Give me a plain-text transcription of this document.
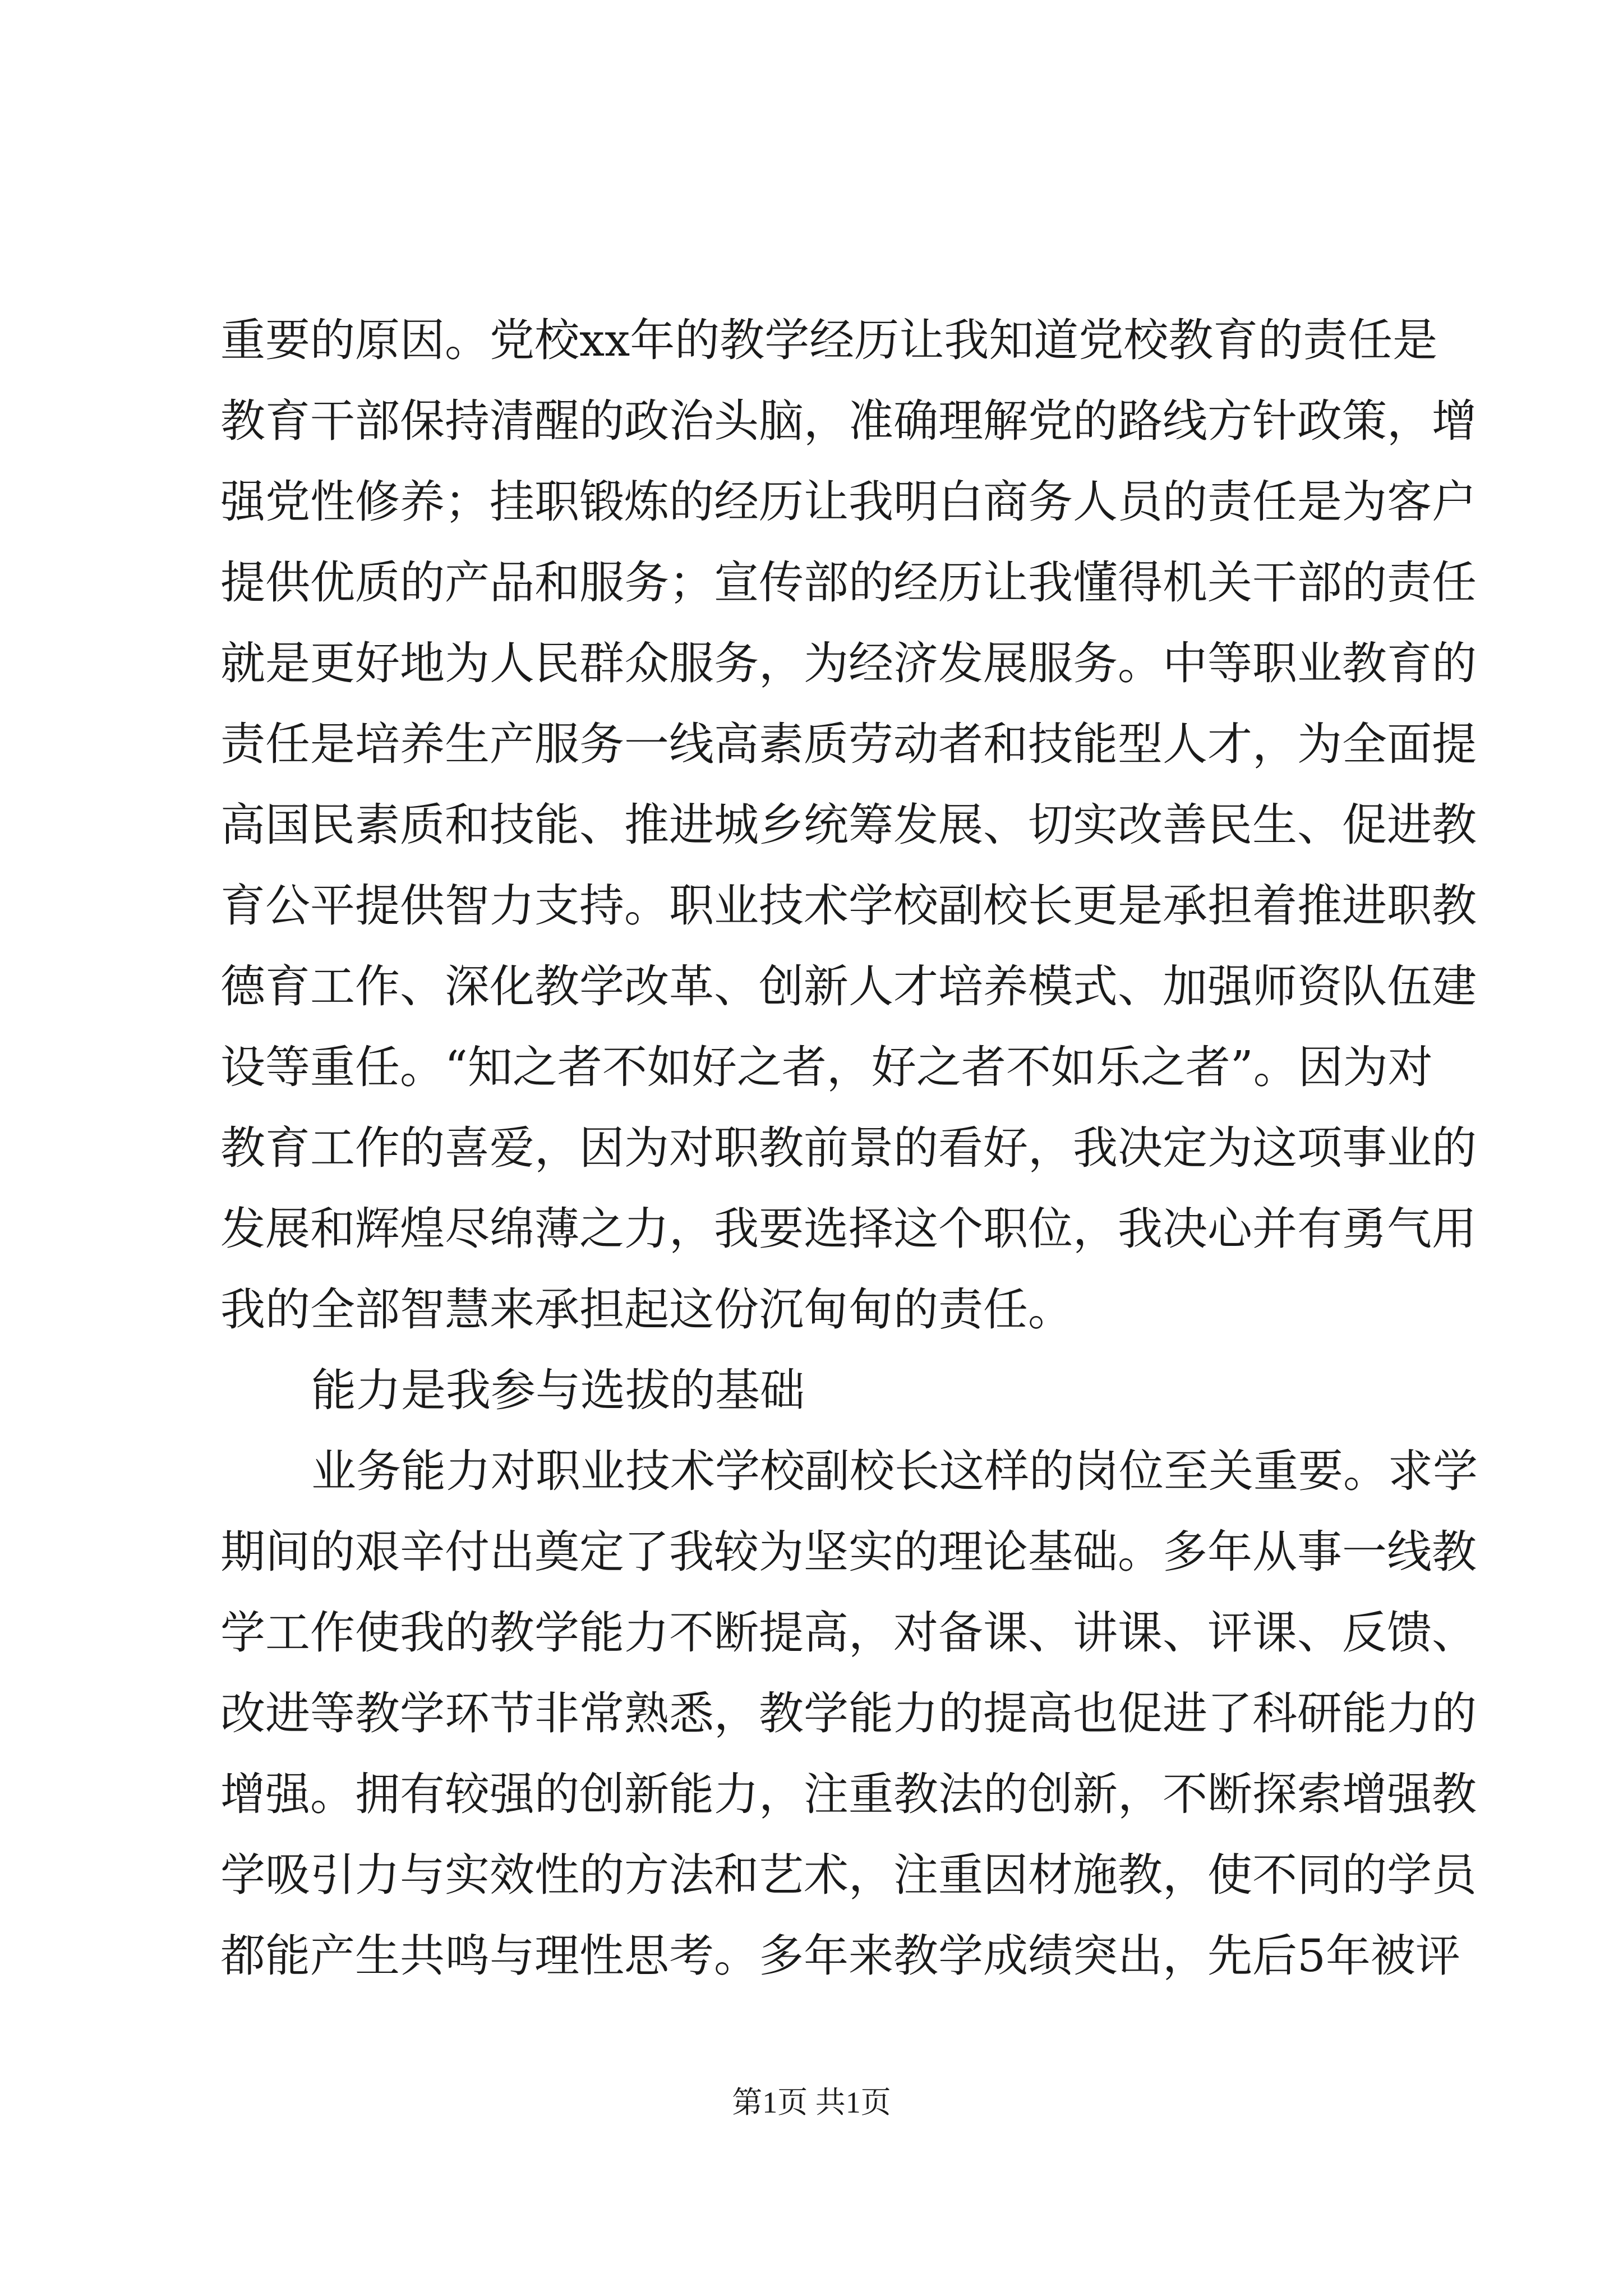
重要的原因。党校xx年的教学经历让我知道党校教育的责任是
教育干部保持清醒的政治头脑，准确理解党的路线方针政策，增
强党性修养；挂职锻炼的经历让我明白商务人员的责任是为客户
提供优质的产品和服务；宣传部的经历让我懂得机关干部的责任
就是更好地为人民群众服务，为经济发展服务。中等职业教育的
责任是培养生产服务一线高素质劳动者和技能型人才，为全面提
高国民素质和技能、推进城乡统筹发展、切实改善民生、促进教
育公平提供智力支持。职业技术学校副校长更是承担着推进职教
德育工作、深化教学改革、创新人才培养模式、加强师资队伍建
设等重任。“知之者不如好之者，好之者不如乐之者”。因为对
教育工作的喜爱，因为对职教前景的看好，我决定为这项事业的
发展和辉煌尽绵薄之力，我要选择这个职位，我决心并有勇气用
我的全部智慧来承担起这份沉甸甸的责任。
能力是我参与选拔的基础
业务能力对职业技术学校副校长这样的岗位至关重要。求学
期间的艰辛付出奠定了我较为坚实的理论基础。多年从事一线教
学工作使我的教学能力不断提高，对备课、讲课、评课、反馈、
改进等教学环节非常熟悉，教学能力的提高也促进了科研能力的
增强。拥有较强的创新能力，注重教法的创新，不断探索增强教
学吸引力与实效性的方法和艺术，注重因材施教，使不同的学员
都能产生共鸣与理性思考。多年来教学成绩突出，先后5年被评
第1页 共1页
